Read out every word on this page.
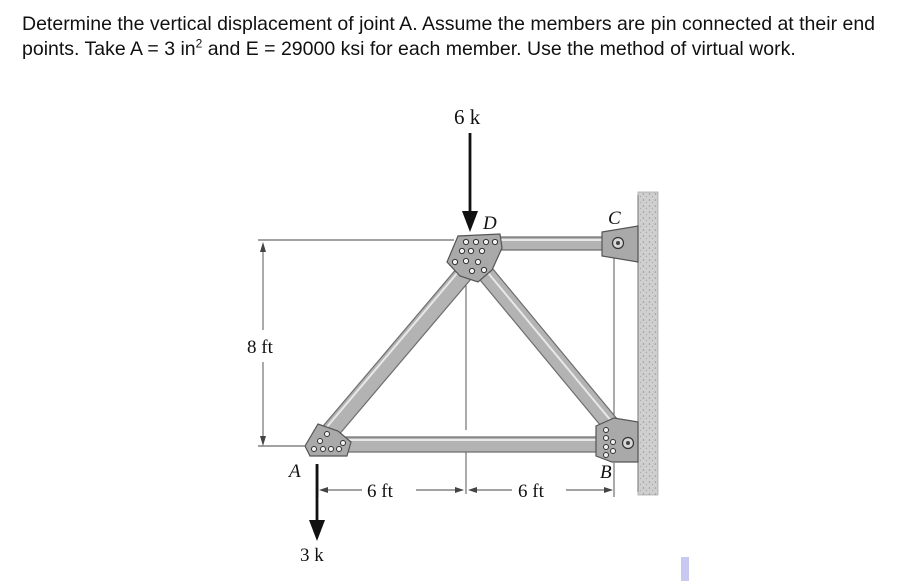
Determine the vertical displacement of joint A. Assume the members are pin connected at their end points. Take A = 3 $in^2$ and E = 29000 ksi for each member. Use the method of virtual work.
6 k
3 k
D	C
A	B
8 ft
6 ft	6 ft
